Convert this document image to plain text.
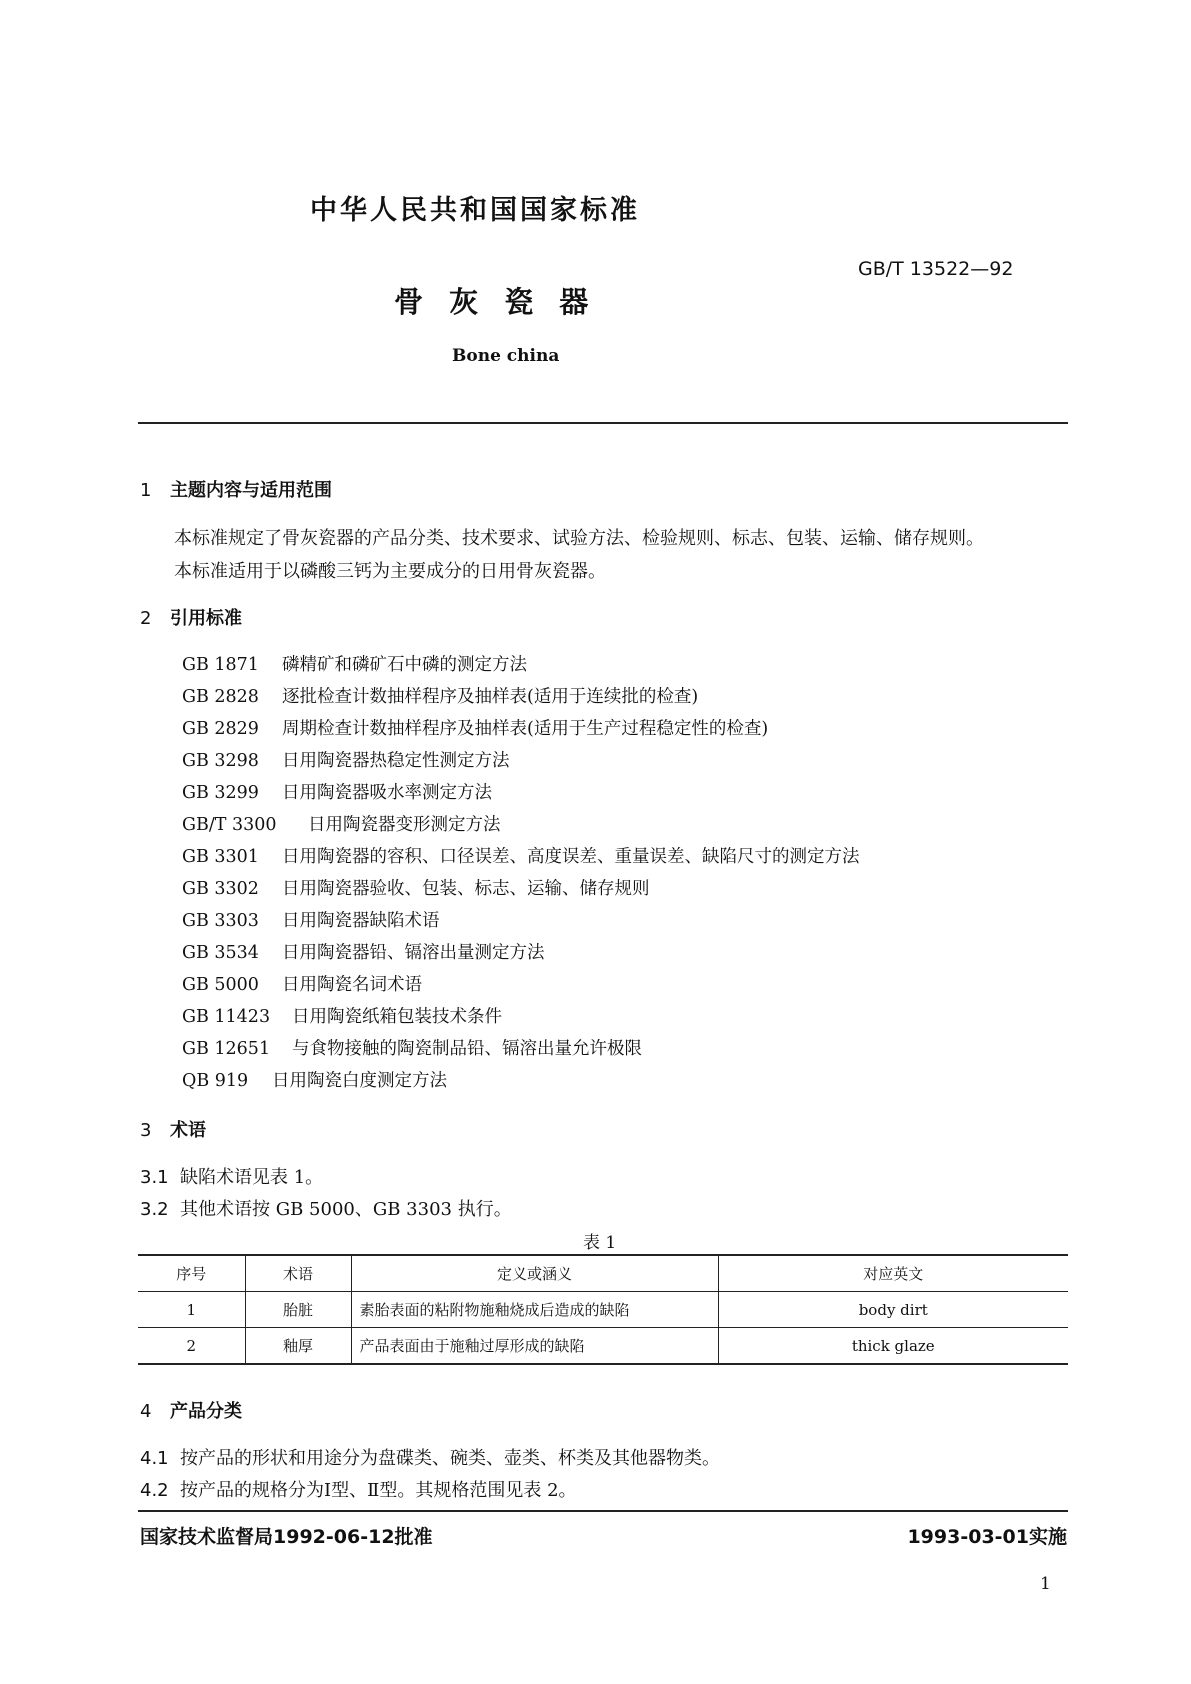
中华人民共和国国家标准
GB/T 13522—92
骨 灰 瓷 器
Bone china
1 主题内容与适用范围
本标准规定了骨灰瓷器的产品分类、技术要求、试验方法、检验规则、标志、包装、运输、储存规则。
本标准适用于以磷酸三钙为主要成分的日用骨灰瓷器。
2 引用标准
GB 1871 磷精矿和磷矿石中磷的测定方法
GB 2828 逐批检查计数抽样程序及抽样表(适用于连续批的检查)
GB 2829 周期检查计数抽样程序及抽样表(适用于生产过程稳定性的检查)
GB 3298 日用陶瓷器热稳定性测定方法
GB 3299 日用陶瓷器吸水率测定方法
GB/T 3300 日用陶瓷器变形测定方法
GB 3301 日用陶瓷器的容积、口径误差、高度误差、重量误差、缺陷尺寸的测定方法
GB 3302 日用陶瓷器验收、包装、标志、运输、储存规则
GB 3303 日用陶瓷器缺陷术语
GB 3534 日用陶瓷器铅、镉溶出量测定方法
GB 5000 日用陶瓷名词术语
GB 11423 日用陶瓷纸箱包装技术条件
GB 12651 与食物接触的陶瓷制品铅、镉溶出量允许极限
QB 919 日用陶瓷白度测定方法
3 术语
3.1 缺陷术语见表 1。
3.2 其他术语按 GB 5000、GB 3303 执行。
表 1
序号	术语	定义或涵义	对应英文
1	胎脏	素胎表面的粘附物施釉烧成后造成的缺陷	body dirt
2	釉厚	产品表面由于施釉过厚形成的缺陷	thick glaze
4 产品分类
4.1 按产品的形状和用途分为盘碟类、碗类、壶类、杯类及其他器物类。
4.2 按产品的规格分为Ⅰ型、Ⅱ型。其规格范围见表 2。
国家技术监督局1992-06-12批准	1993-03-01实施
1
